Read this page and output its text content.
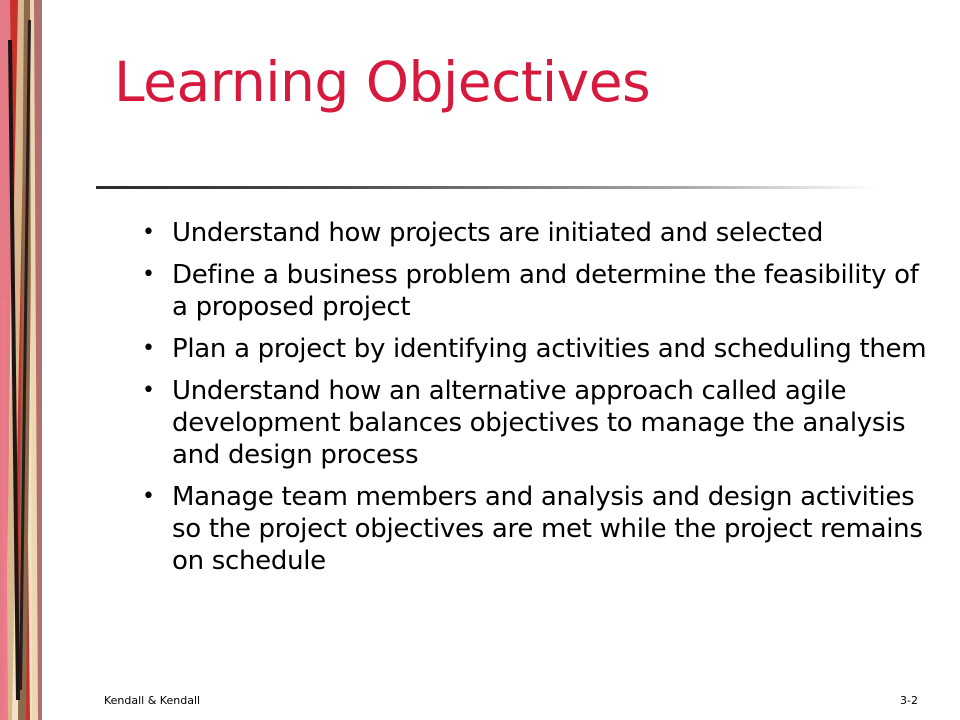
Learning Objectives
• Understand how projects are initiated and selected
• Define a business problem and determine the feasibility of a proposed project
• Plan a project by identifying activities and scheduling them
• Understand how an alternative approach called agile development balances objectives to manage the analysis and design process
• Manage team members and analysis and design activities so the project objectives are met while the project remains on schedule
Kendall & Kendall	3-2
